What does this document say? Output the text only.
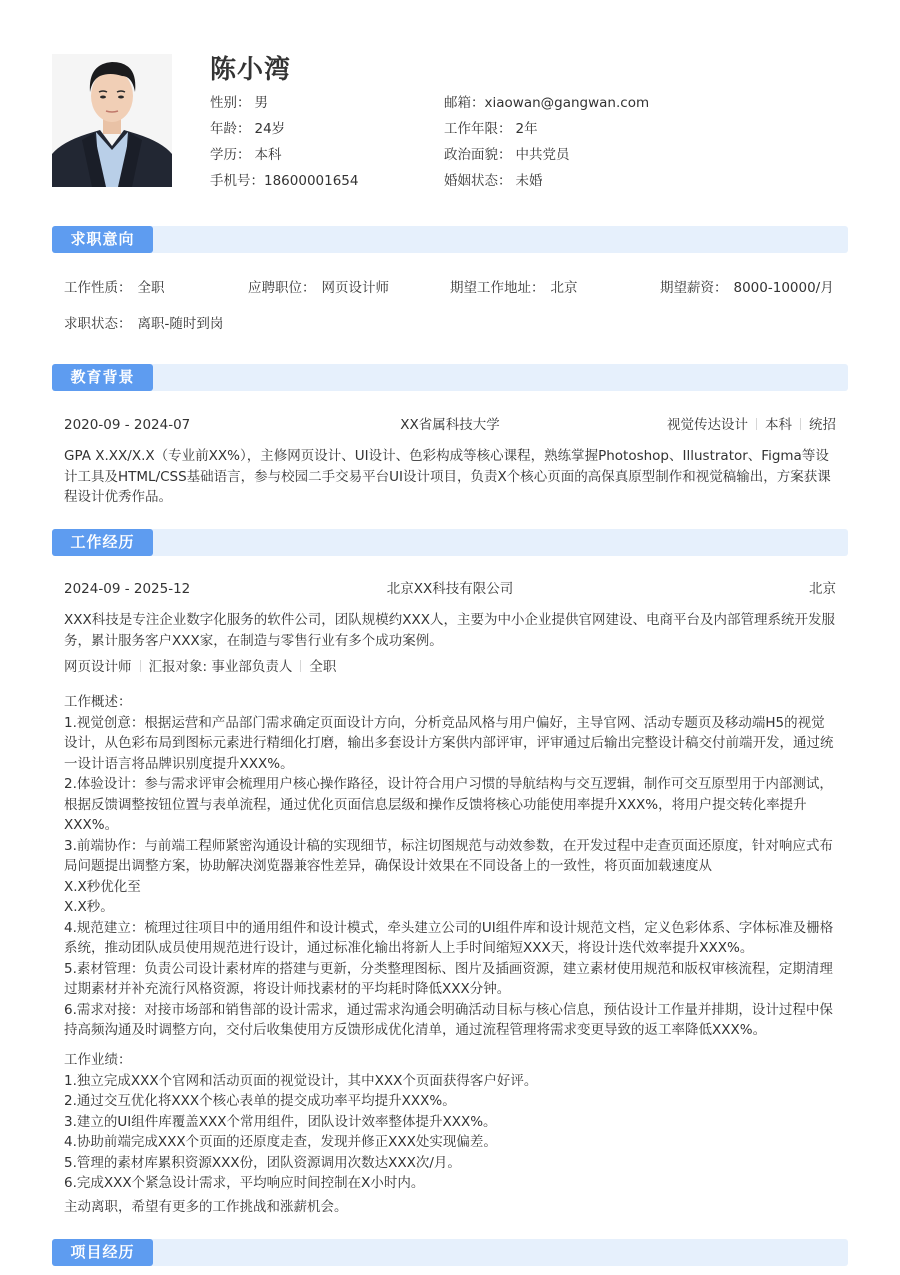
陈小湾
性别： 男
年龄： 24岁
学历： 本科
手机号：18600001654
邮箱：xiaowan@gangwan.com
工作年限： 2年
政治面貌： 中共党员
婚姻状态： 未婚
求职意向
工作性质： 全职	应聘职位： 网页设计师	期望工作地址： 北京	期望薪资： 8000-10000/月
求职状态： 离职-随时到岗
教育背景
2020-09 - 2024-07	XX省属科技大学	视觉传达设计 本科 统招
GPA X.XX/X.X（专业前XX%），主修网页设计、UI设计、色彩构成等核心课程，熟练掌握Photoshop、Illustrator、Figma等设计工具及HTML/CSS基础语言，参与校园二手交易平台UI设计项目，负责X个核心页面的高保真原型制作和视觉稿输出，方案获课程设计优秀作品。
工作经历
2024-09 - 2025-12	北京XX科技有限公司	北京
XXX科技是专注企业数字化服务的软件公司，团队规模约XXX人，主要为中小企业提供官网建设、电商平台及内部管理系统开发服务，累计服务客户XXX家，在制造与零售行业有多个成功案例。
网页设计师 汇报对象: 事业部负责人 全职

工作概述：

1.视觉创意：根据运营和产品部门需求确定页面设计方向，分析竞品风格与用户偏好，主导官网、活动专题页及移动端H5的视觉设计，从色彩布局到图标元素进行精细化打磨，输出多套设计方案供内部评审，评审通过后输出完整设计稿交付前端开发，通过统一设计语言将品牌识别度提升XXX%。

2.体验设计：参与需求评审会梳理用户核心操作路径，设计符合用户习惯的导航结构与交互逻辑，制作可交互原型用于内部测试，根据反馈调整按钮位置与表单流程，通过优化页面信息层级和操作反馈将核心功能使用率提升XXX%，将用户提交转化率提升XXX%。

3.前端协作：与前端工程师紧密沟通设计稿的实现细节，标注切图规范与动效参数，在开发过程中走查页面还原度，针对响应式布局问题提出调整方案，协助解决浏览器兼容性差异，确保设计效果在不同设备上的一致性，将页面加载速度从

X.X秒优化至

X.X秒。

4.规范建立：梳理过往项目中的通用组件和设计模式，牵头建立公司的UI组件库和设计规范文档，定义色彩体系、字体标准及栅格系统，推动团队成员使用规范进行设计，通过标准化输出将新人上手时间缩短XXX天，将设计迭代效率提升XXX%。

5.素材管理：负责公司设计素材库的搭建与更新，分类整理图标、图片及插画资源，建立素材使用规范和版权审核流程，定期清理过期素材并补充流行风格资源，将设计师找素材的平均耗时降低XXX分钟。

6.需求对接：对接市场部和销售部的设计需求，通过需求沟通会明确活动目标与核心信息，预估设计工作量并排期，设计过程中保持高频沟通及时调整方向，交付后收集使用方反馈形成优化清单，通过流程管理将需求变更导致的返工率降低XXX%。

工作业绩：

1.独立完成XXX个官网和活动页面的视觉设计，其中XXX个页面获得客户好评。

2.通过交互优化将XXX个核心表单的提交成功率平均提升XXX%。

3.建立的UI组件库覆盖XXX个常用组件，团队设计效率整体提升XXX%。

4.协助前端完成XXX个页面的还原度走查，发现并修正XXX处实现偏差。

5.管理的素材库累积资源XXX份，团队资源调用次数达XXX次/月。

6.完成XXX个紧急设计需求，平均响应时间控制在X小时内。

主动离职，希望有更多的工作挑战和涨薪机会。
项目经历
